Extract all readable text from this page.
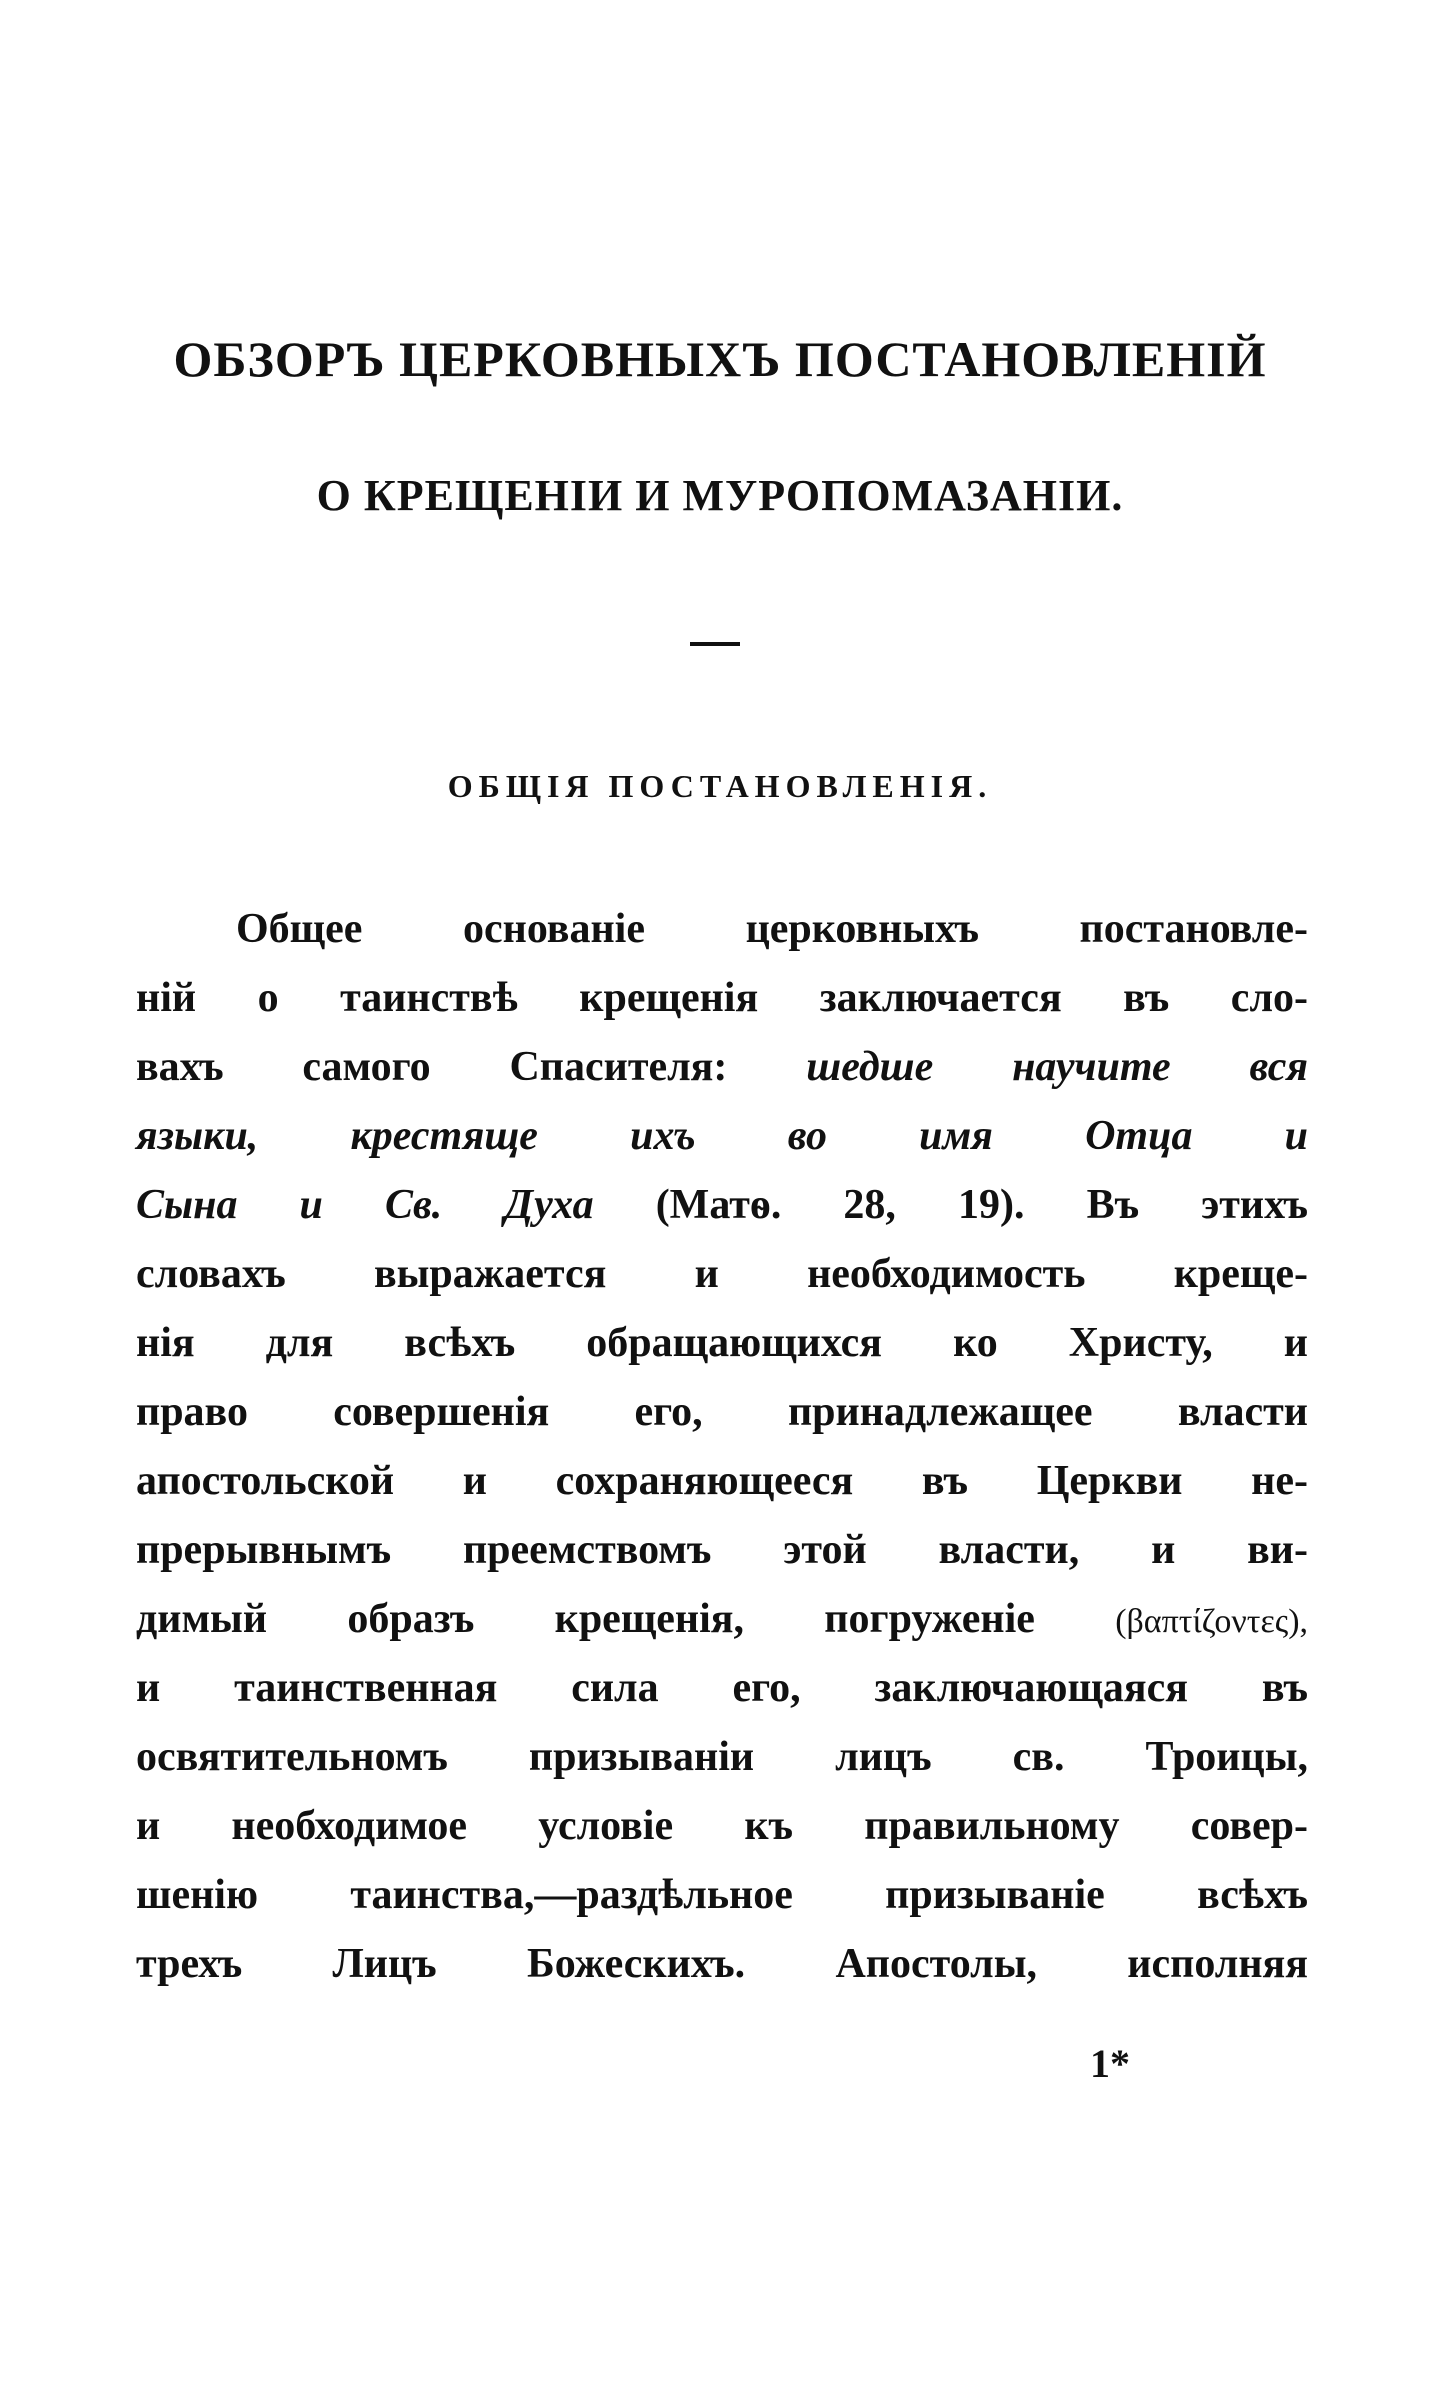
ОБЗОРЪ ЦЕРКОВНЫХЪ ПОСТАНОВЛЕНІЙ
О КРЕЩЕНІИ И МУРОПОМАЗАНІИ.
ОБЩІЯ ПОСТАНОВЛЕНІЯ.
Общее основаніе церковныхъ постановле-
ній о таинствѣ крещенія заключается въ сло-
вахъ самого Спасителя: шедше научите вся
языки, крестяще ихъ во имя Отца и
Сына и Св. Духа (Матѳ. 28, 19). Въ этихъ
словахъ выражается и необходимость креще-
нія для всѣхъ обращающихся ко Христу, и
право совершенія его, принадлежащее власти
апостольской и сохраняющееся въ Церкви не-
прерывнымъ преемствомъ этой власти, и ви-
димый образъ крещенія, погруженіе (βαπτίζοντες),
и таинственная сила его, заключающаяся въ
освятительномъ призываніи лицъ св. Троицы,
и необходимое условіе къ правильному совер-
шенію таинства,—раздѣльное призываніе всѣхъ
трехъ Лицъ Божескихъ. Апостолы, исполняя
1*
